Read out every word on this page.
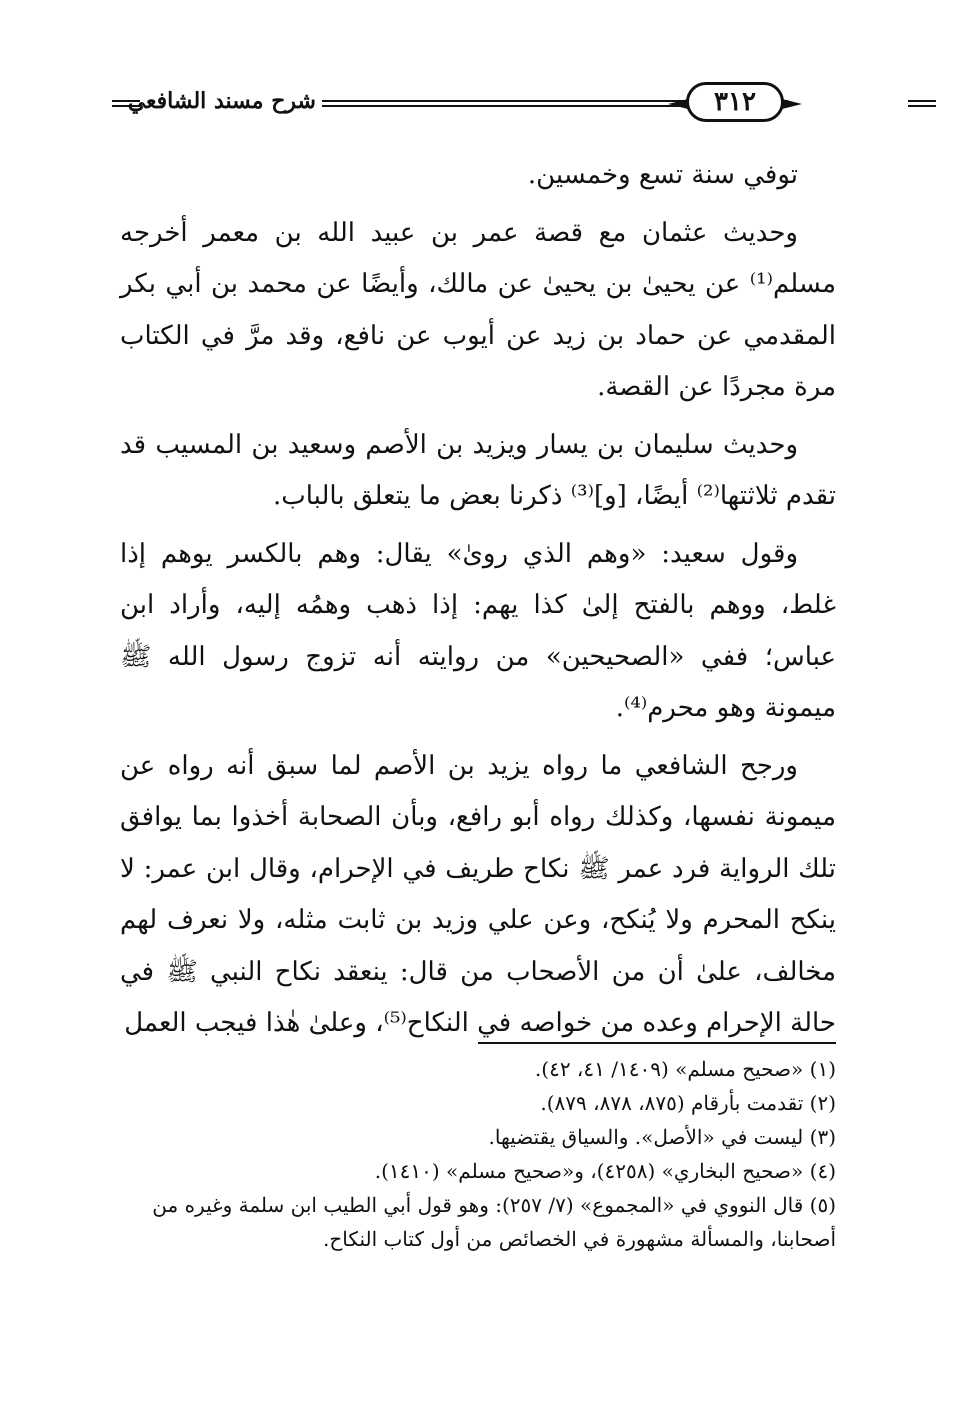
شرح مسند الشافعي	٣١٢

توفي سنة تسع وخمسين.

وحديث عثمان مع قصة عمر بن عبيد الله بن معمر أخرجه مسلم⁽¹⁾ عن يحيىٰ بن يحيىٰ عن مالك، وأيضًا عن محمد بن أبي بكر المقدمي عن حماد بن زيد عن أيوب عن نافع، وقد مرَّ في الكتاب مرة مجردًا عن القصة.

وحديث سليمان بن يسار ويزيد بن الأصم وسعيد بن المسيب قد تقدم ثلاثتها⁽²⁾ أيضًا، [و]⁽³⁾ ذكرنا بعض ما يتعلق بالباب.

وقول سعيد: «وهم الذي روىٰ» يقال: وهم بالكسر يوهم إذا غلط، ووهم بالفتح إلىٰ كذا يهم: إذا ذهب وهمُه إليه، وأراد ابن عباس؛ ففي «الصحيحين» من روايته أنه تزوج رسول الله ﷺ ميمونة وهو محرم⁽⁴⁾.

ورجح الشافعي ما رواه يزيد بن الأصم لما سبق أنه رواه عن ميمونة نفسها، وكذلك رواه أبو رافع، وبأن الصحابة أخذوا بما يوافق تلك الرواية فرد عمر ﷺ نكاح طريف في الإحرام، وقال ابن عمر: لا ينكح المحرم ولا يُنكح، وعن علي وزيد بن ثابت مثله، ولا نعرف لهم مخالف، علىٰ أن من الأصحاب من قال: ينعقد نكاح النبي ﷺ في حالة الإحرام وعده من خواصه في النكاح⁽⁵⁾، وعلىٰ هٰذا فيجب العمل

(١) «صحيح مسلم» (١٤٠٩/ ٤١، ٤٢).
(٢) تقدمت بأرقام (٨٧٥، ٨٧٨، ٨٧٩).
(٣) ليست في «الأصل». والسياق يقتضيها.
(٤) «صحيح البخاري» (٤٢٥٨)، و«صحيح مسلم» (١٤١٠).
(٥) قال النووي في «المجموع» (٧/ ٢٥٧): وهو قول أبي الطيب ابن سلمة وغيره من أصحابنا، والمسألة مشهورة في الخصائص من أول كتاب النكاح.
